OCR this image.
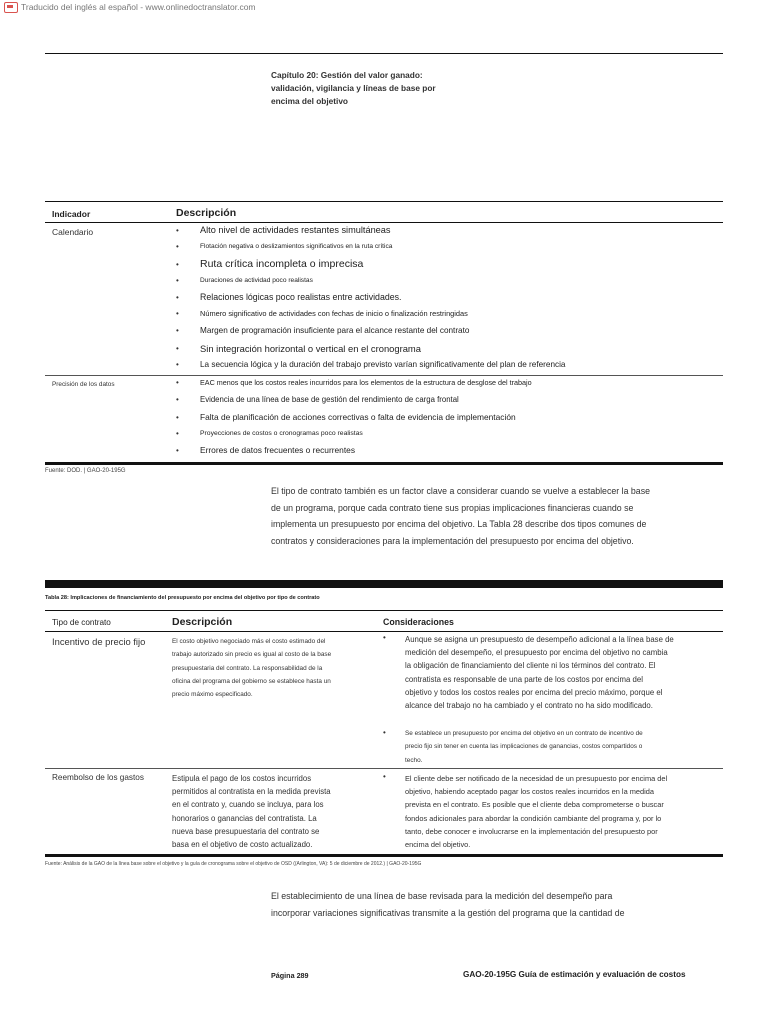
Traducido del inglés al español - www.onlinedoctranslator.com
Capítulo 20: Gestión del valor ganado:
validación, vigilancia y líneas de base por
encima del objetivo
Indicador	Descripción
Calendario	•	Alto nivel de actividades restantes simultáneas
•	Flotación negativa o deslizamientos significativos en la ruta crítica
•	Ruta crítica incompleta o imprecisa
•	Duraciones de actividad poco realistas
•	Relaciones lógicas poco realistas entre actividades.
•	Número significativo de actividades con fechas de inicio o finalización restringidas
•	Margen de programación insuficiente para el alcance restante del contrato
•	Sin integración horizontal o vertical en el cronograma
•	La secuencia lógica y la duración del trabajo previsto varían significativamente del plan de referencia
Precisión de los datos	•	EAC menos que los costos reales incurridos para los elementos de la estructura de desglose del trabajo
•	Evidencia de una línea de base de gestión del rendimiento de carga frontal
•	Falta de planificación de acciones correctivas o falta de evidencia de implementación
•	Proyecciones de costos o cronogramas poco realistas
•	Errores de datos frecuentes o recurrentes
Fuente: DOD. | GAO-20-195G
El tipo de contrato también es un factor clave a considerar cuando se vuelve a establecer la base
de un programa, porque cada contrato tiene sus propias implicaciones financieras cuando se
implementa un presupuesto por encima del objetivo. La Tabla 28 describe dos tipos comunes de
contratos y consideraciones para la implementación del presupuesto por encima del objetivo.
Tabla 28: Implicaciones de financiamiento del presupuesto por encima del objetivo por tipo de contrato
Tipo de contrato	Descripción	Consideraciones
Incentivo de precio fijo	El costo objetivo negociado más el costo estimado del
trabajo autorizado sin precio es igual al costo de la base
presupuestaria del contrato. La responsabilidad de la
oficina del programa del gobierno se establece hasta un
precio máximo especificado.
• Aunque se asigna un presupuesto de desempeño adicional a la línea base de
medición del desempeño, el presupuesto por encima del objetivo no cambia
la obligación de financiamiento del cliente ni los términos del contrato. El
contratista es responsable de una parte de los costos por encima del
objetivo y todos los costos reales por encima del precio máximo, porque el
alcance del trabajo no ha cambiado y el contrato no ha sido modificado.
•	Se establece un presupuesto por encima del objetivo en un contrato de incentivo de
precio fijo sin tener en cuenta las implicaciones de ganancias, costos compartidos o
techo.
Reembolso de los gastos	Estipula el pago de los costos incurridos
permitidos al contratista en la medida prevista
en el contrato y, cuando se incluya, para los
honorarios o ganancias del contratista. La
nueva base presupuestaria del contrato se
basa en el objetivo de costo actualizado.
•	El cliente debe ser notificado de la necesidad de un presupuesto por encima del
objetivo, habiendo aceptado pagar los costos reales incurridos en la medida
prevista en el contrato. Es posible que el cliente deba comprometerse o buscar
fondos adicionales para abordar la condición cambiante del programa y, por lo
tanto, debe conocer e involucrarse en la implementación del presupuesto por
encima del objetivo.
Fuente: Análisis de la GAO de la línea base sobre el objetivo y la guía de cronograma sobre el objetivo de OSD ((Arlington, VA): 5 de diciembre de 2012.) | GAO-20-195G
El establecimiento de una línea de base revisada para la medición del desempeño para
incorporar variaciones significativas transmite a la gestión del programa que la cantidad de
Página 289	GAO-20-195G Guía de estimación y evaluación de costos
